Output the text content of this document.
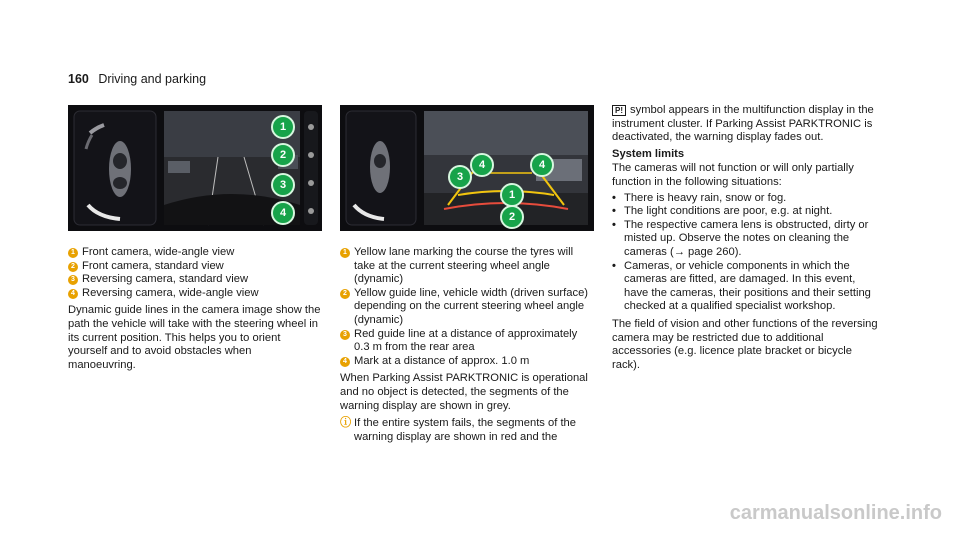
160 Driving and parking
1
2
3
4
4
3
4
1
2
1 Front camera, wide-angle view
2 Front camera, standard view
3 Reversing camera, standard view
4 Reversing camera, wide-angle view

Dynamic guide lines in the camera image show the path the vehicle will take with the steering wheel in its current position. This helps you to orient yourself and to avoid obstacles when manoeuvring.

1 Yellow lane marking the course the tyres will take at the current steering wheel angle (dynamic)
2 Yellow guide line, vehicle width (driven surface) depending on the current steering wheel angle (dynamic)
3 Red guide line at a distance of approximately 0.3 m from the rear area
4 Mark at a distance of approx. 1.0 m

When Parking Assist PARKTRONIC is operational and no object is detected, the segments of the warning display are shown in grey.

ⓘ If the entire system fails, the segments of the warning display are shown in red and the

P! symbol appears in the multifunction display in the instrument cluster. If Parking Assist PARKTRONIC is deactivated, the warning display fades out.

System limits

The cameras will not function or will only partially function in the following situations:

• There is heavy rain, snow or fog.
• The light conditions are poor, e.g. at night.
• The respective camera lens is obstructed, dirty or misted up. Observe the notes on cleaning the cameras (→ page 260).
• Cameras, or vehicle components in which the cameras are fitted, are damaged. In this event, have the cameras, their positions and their setting checked at a qualified specialist workshop.

The field of vision and other functions of the reversing camera may be restricted due to additional accessories (e.g. licence plate bracket or bicycle rack).

carmanualsonline.info
